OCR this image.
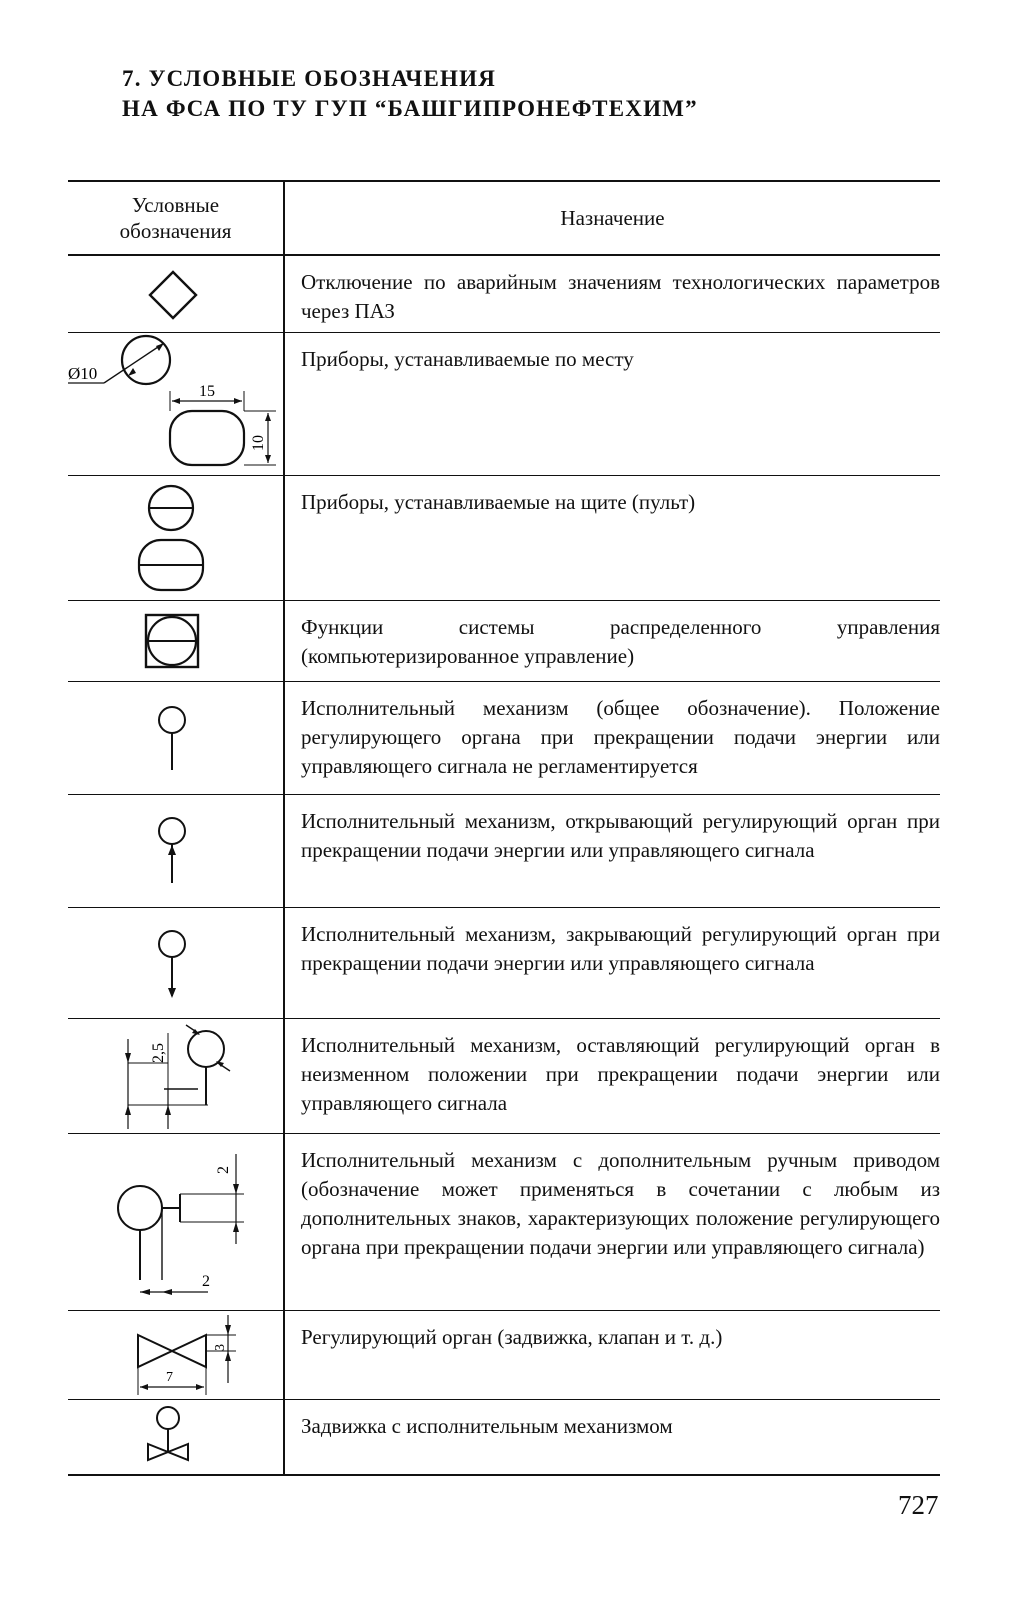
7. УСЛОВНЫЕ ОБОЗНАЧЕНИЯ
НА ФСА ПО ТУ ГУП “БАШГИПРОНЕФТЕХИМ”
Условные
обозначения	Назначение

	Отключение по аварийным значениям технологических параметров через ПАЗ

Ø10
15
10	Приборы, устанавливаемые по месту

	Приборы, устанавливаемые на щите (пульт)

	Функции системы распределенного управления (компьютеризированное управление)

	Исполнительный механизм (общее обозначение). Положение регулирующего органа при прекращении подачи энергии или управляющего сигнала не регламентируется

	Исполнительный механизм, открывающий регулирующий орган при прекращении подачи энергии или управляющего сигнала

	Исполнительный механизм, закрывающий регулирующий орган при прекращении подачи энергии или управляющего сигнала

2,5	Исполнительный механизм, оставляющий регулирующий орган в неизменном положении при прекращении подачи энергии или управляющего сигнала

2
2	Исполнительный механизм с дополнительным ручным приводом (обозначение может применяться в сочетании с любым из дополнительных знаков, характеризующих положение регулирующего органа при прекращении подачи энергии или управляющего сигнала)

7
3	Регулирующий орган (задвижка, клапан и т. д.)

	Задвижка с исполнительным механизмом
727
